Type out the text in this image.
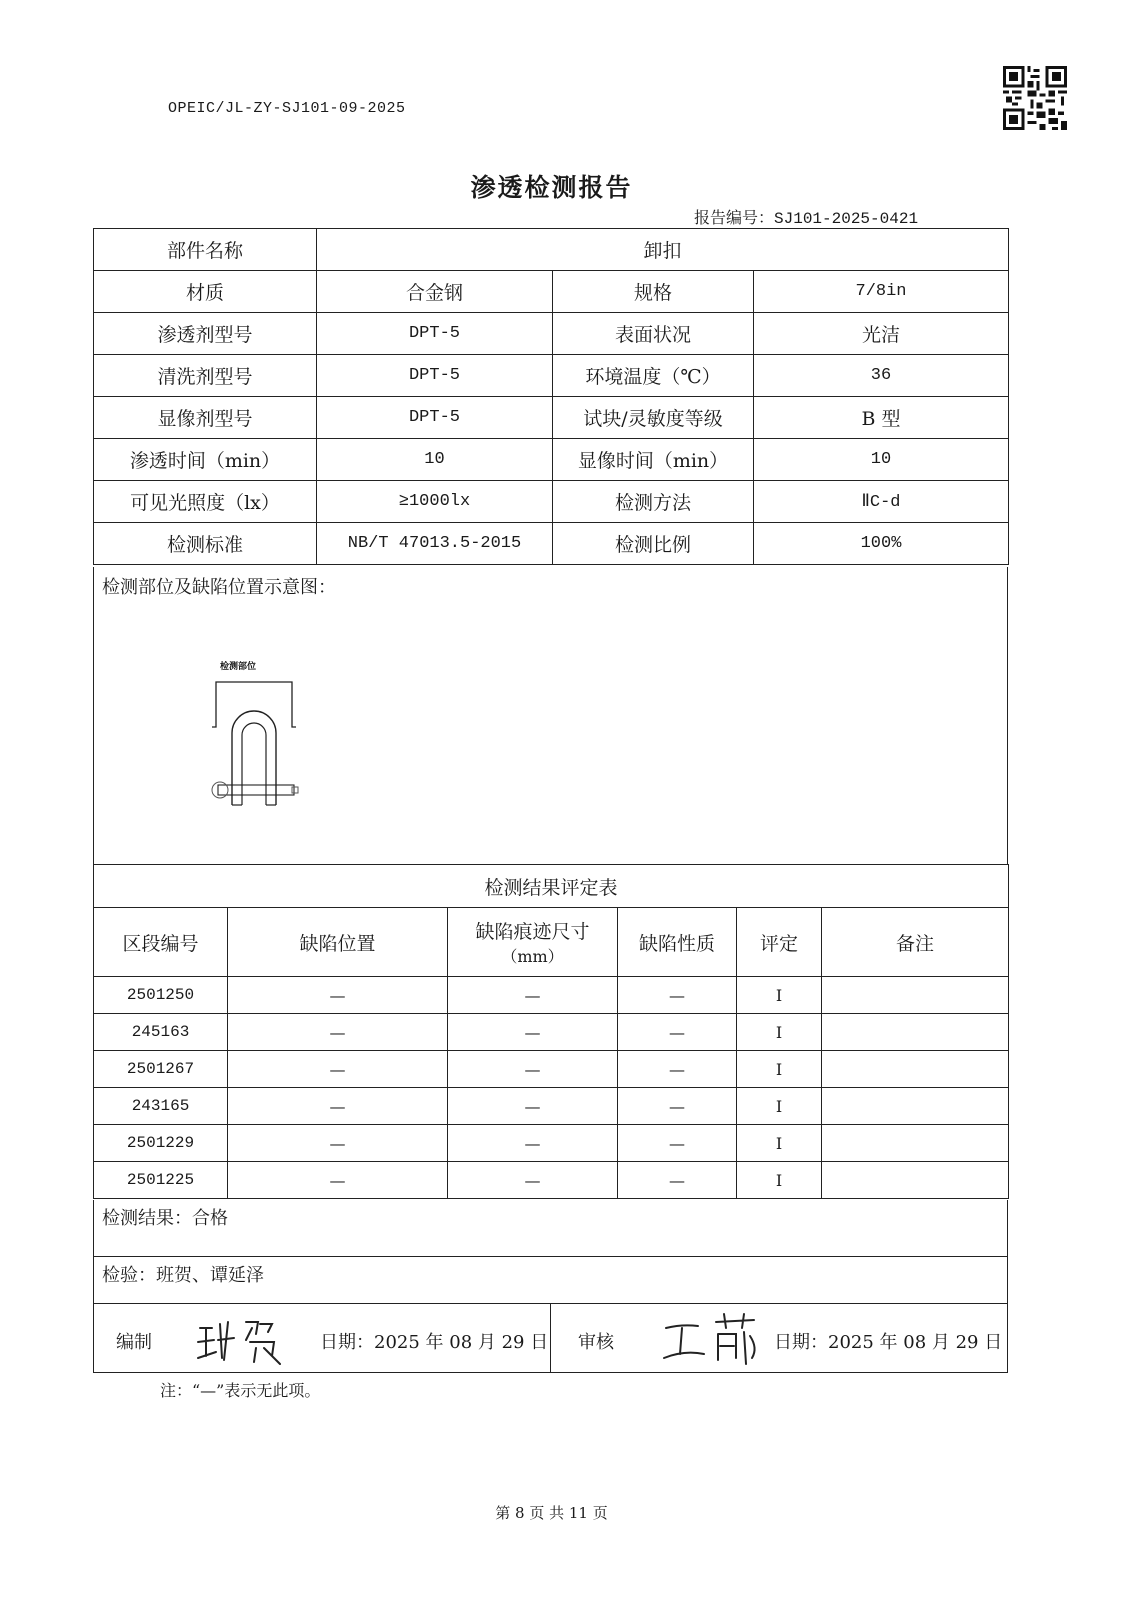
OPEIC/JL-ZY-SJ101-09-2025
渗透检测报告
报告编号：SJ101-2025-0421
部件名称	卸扣		
材质	合金钢	规格	7/8in
渗透剂型号	DPT-5	表面状况	光洁
清洗剂型号	DPT-5	环境温度（℃）	36
显像剂型号	DPT-5	试块/灵敏度等级	B 型
渗透时间（min）	10	显像时间（min）	10
可见光照度（lx）	≥1000lx	检测方法	ⅡC-d
检测标准	NB/T 47013.5-2015	检测比例	100%
检测部位及缺陷位置示意图：
检测部位
检测结果评定表					
区段编号	缺陷位置	缺陷痕迹尺寸
（mm）	缺陷性质	评定	备注
2501250	—	—	—	Ⅰ	
245163	—	—	—	Ⅰ	
2501267	—	—	—	Ⅰ	
243165	—	—	—	Ⅰ	
2501229	—	—	—	Ⅰ	
2501225	—	—	—	Ⅰ	
检测结果：合格
检验：班贺、谭延泽
编制	日期：2025 年 08 月 29 日 审核	日期：2025 年 08 月 29 日
注：“—”表示无此项。
第 8 页 共 11 页
